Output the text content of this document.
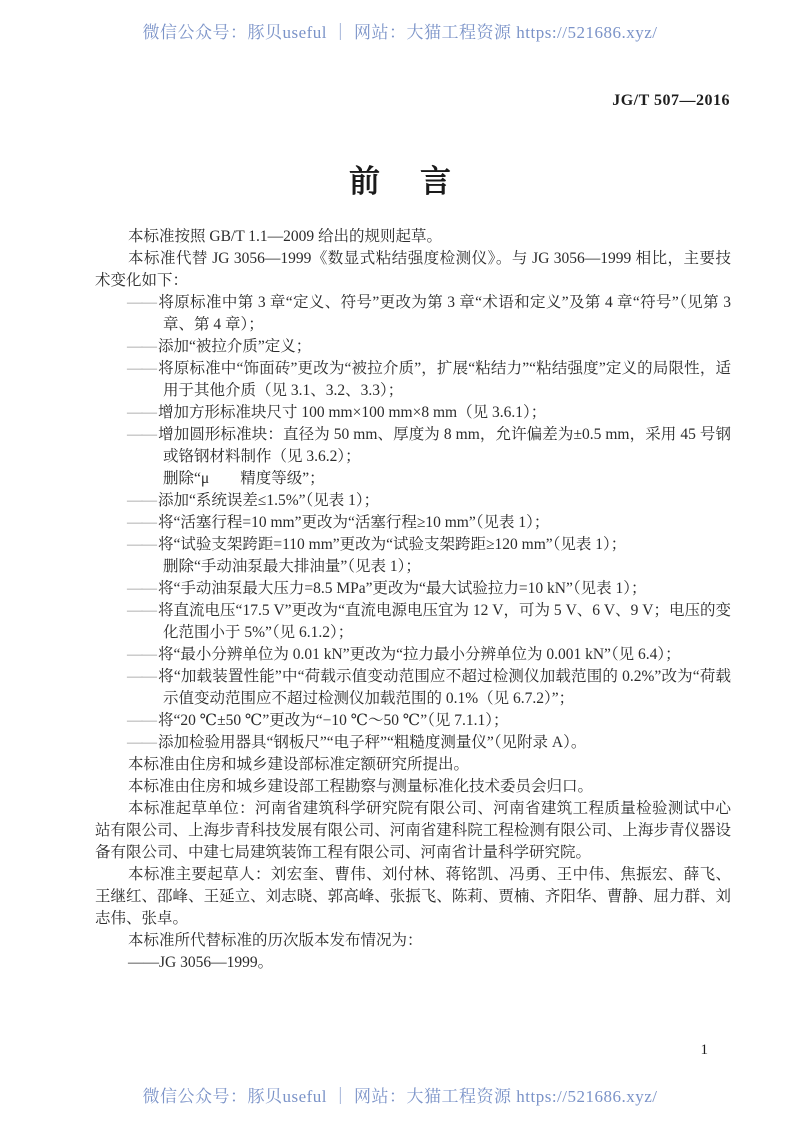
微信公众号：豚贝useful ｜ 网站：大猫工程资源 https://521686.xyz/
JG/T 507—2016
前 言

本标准按照 GB/T 1.1—2009 给出的规则起草。

本标准代替 JG 3056—1999《数显式粘结强度检测仪》。与 JG 3056—1999 相比，主要技术变化如下：

—— 将原标准中第 3 章“定义、符号”更改为第 3 章“术语和定义”及第 4 章“符号”（见第 3 章、第 4 章）；

—— 添加“被拉介质”定义；

—— 将原标准中“饰面砖”更改为“被拉介质”，扩展“粘结力”“粘结强度”定义的局限性，适用于其他介质（见 3.1、3.2、3.3）；

—— 增加方形标准块尺寸 100 mm×100 mm×8 mm（见 3.6.1）；

—— 增加圆形标准块：直径为 50 mm、厚度为 8 mm，允许偏差为±0.5 mm，采用 45 号钢或铬钢材料制作（见 3.6.2）；

删除“μ　　精度等级”；

—— 添加“系统误差≤1.5%”（见表 1）；

—— 将“活塞行程=10 mm”更改为“活塞行程≥10 mm”（见表 1）；

—— 将“试验支架跨距=110 mm”更改为“试验支架跨距≥120 mm”（见表 1）；

删除“手动油泵最大排油量”（见表 1）；

—— 将“手动油泵最大压力=8.5 MPa”更改为“最大试验拉力=10 kN”（见表 1）；

—— 将直流电压“17.5 V”更改为“直流电源电压宜为 12 V，可为 5 V、6 V、9 V；电压的变化范围小于 5%”（见 6.1.2）；

—— 将“最小分辨单位为 0.01 kN”更改为“拉力最小分辨单位为 0.001 kN”（见 6.4）；

—— 将“加载装置性能”中“荷载示值变动范围应不超过检测仪加载范围的 0.2%”改为“荷载示值变动范围应不超过检测仪加载范围的 0.1%（见 6.7.2）”；

—— 将“20 ℃±50 ℃”更改为“−10 ℃～50 ℃”（见 7.1.1）；

—— 添加检验用器具“钢板尺”“电子秤”“粗糙度测量仪”（见附录 A）。

本标准由住房和城乡建设部标准定额研究所提出。

本标准由住房和城乡建设部工程勘察与测量标准化技术委员会归口。

本标准起草单位：河南省建筑科学研究院有限公司、河南省建筑工程质量检验测试中心站有限公司、上海步青科技发展有限公司、河南省建科院工程检测有限公司、上海步青仪器设备有限公司、中建七局建筑装饰工程有限公司、河南省计量科学研究院。

本标准主要起草人：刘宏奎、曹伟、刘付林、蒋铭凯、冯勇、王中伟、焦振宏、薛飞、王继红、邵峰、王延立、刘志晓、郭高峰、张振飞、陈莉、贾楠、齐阳华、曹静、屈力群、刘志伟、张卓。

本标准所代替标准的历次版本发布情况为：

——JG 3056—1999。

1
微信公众号：豚贝useful ｜ 网站：大猫工程资源 https://521686.xyz/
